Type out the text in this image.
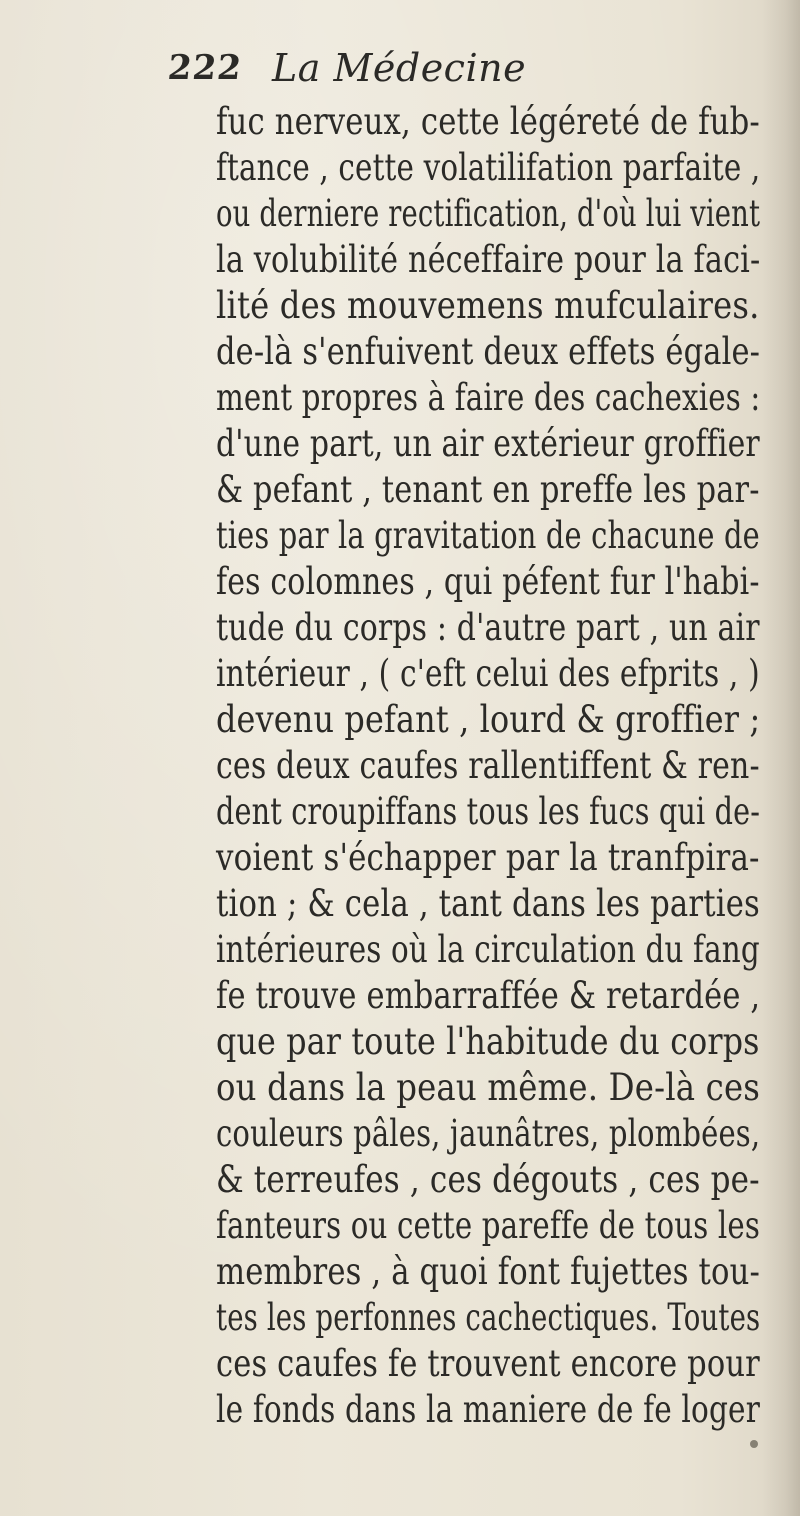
222 La Médecine
fuc nerveux, cette légéreté de fub-
ftance , cette volatilifation parfaite ,
ou derniere rectification, d'où lui vient
la volubilité néceffaire pour la faci-
lité des mouvemens mufculaires.
de-là s'enfuivent deux effets égale-
ment propres à faire des cachexies :
d'une part, un air extérieur groffier
& pefant , tenant en preffe les par-
ties par la gravitation de chacune de
fes colomnes , qui péfent fur l'habi-
tude du corps : d'autre part , un air
intérieur , ( c'eft celui des efprits , )
devenu pefant , lourd & groffier ;
ces deux caufes rallentiffent & ren-
dent croupiffans tous les fucs qui de-
voient s'échapper par la tranfpira-
tion ; & cela , tant dans les parties
intérieures où la circulation du fang
fe trouve embarraffée & retardée ,
que par toute l'habitude du corps
ou dans la peau même. De-là ces
couleurs pâles, jaunâtres, plombées,
& terreufes , ces dégouts , ces pe-
fanteurs ou cette pareffe de tous les
membres , à quoi font fujettes tou-
tes les perfonnes cachectiques. Toutes
ces caufes fe trouvent encore pour
le fonds dans la maniere de fe loger
